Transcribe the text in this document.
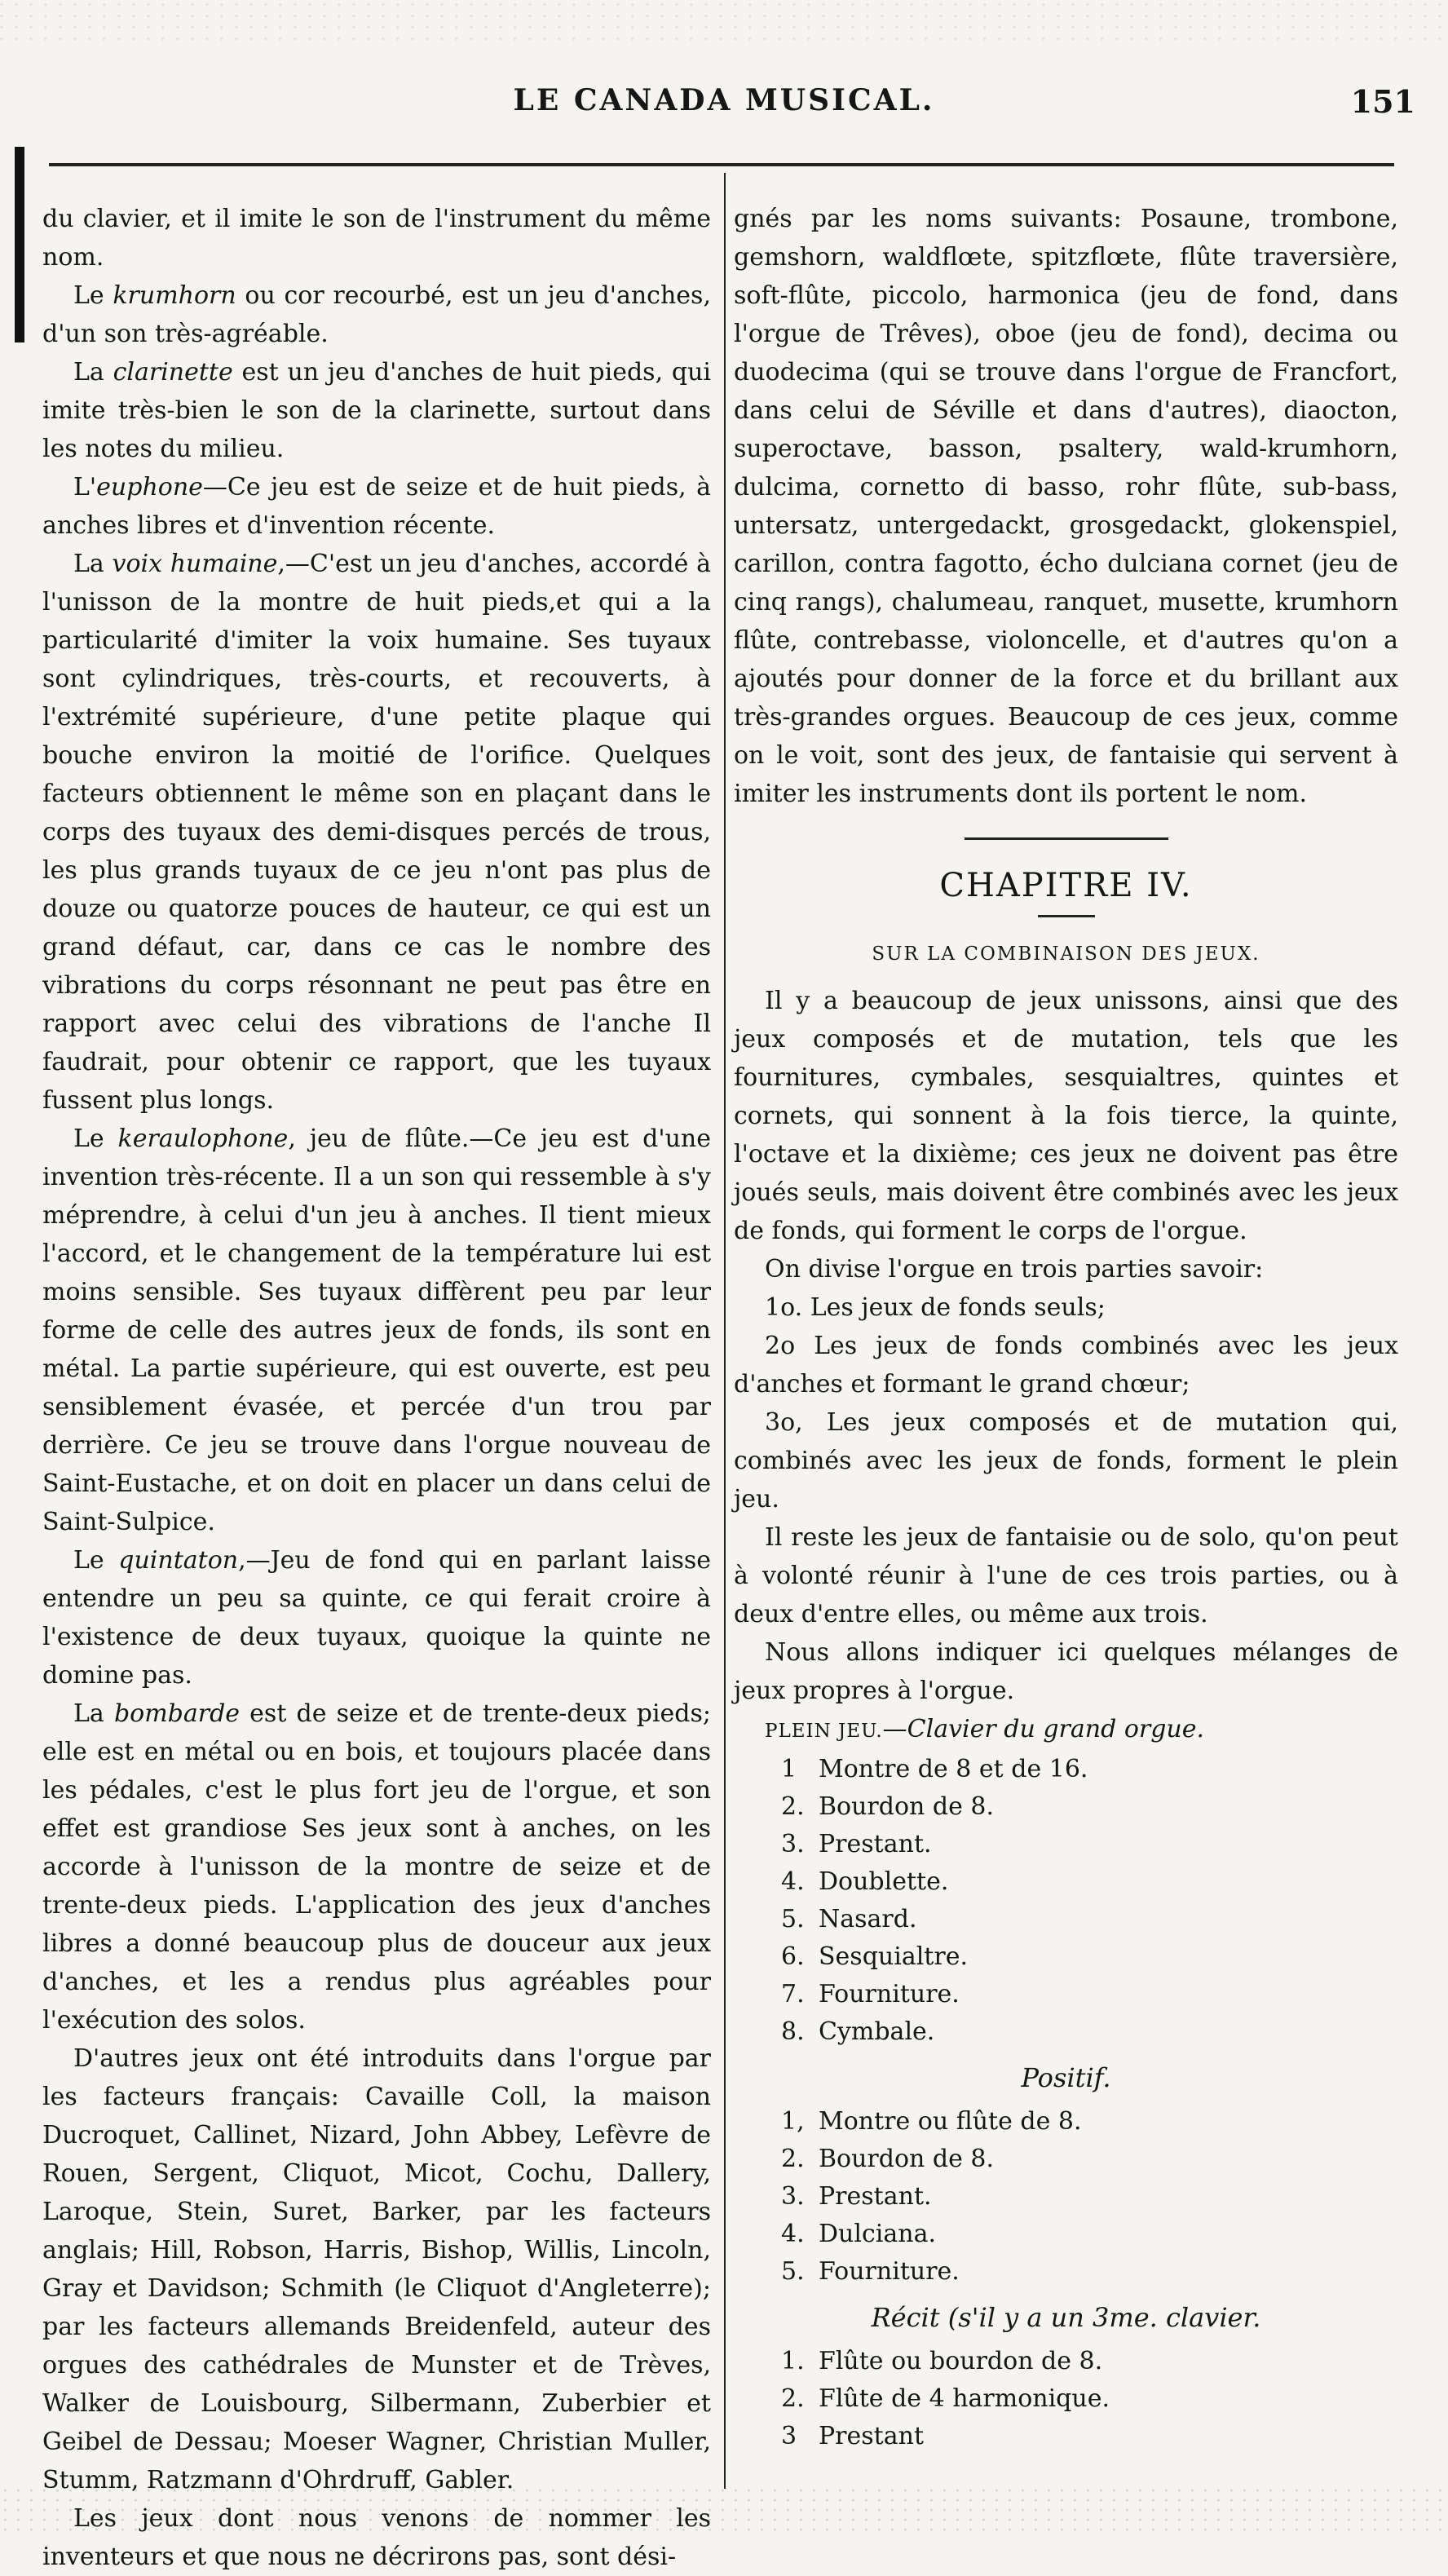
LE CANADA MUSICAL.	151

du clavier, et il imite le son de l'instrument du même nom.

Le krumhorn ou cor recourbé, est un jeu d'anches, d'un son très-agréable.

La clarinette est un jeu d'anches de huit pieds, qui imite très-bien le son de la clarinette, surtout dans les notes du milieu.

L'euphone—Ce jeu est de seize et de huit pieds, à anches libres et d'invention récente.

La voix humaine,—C'est un jeu d'anches, accordé à l'unisson de la montre de huit pieds,et qui a la particularité d'imiter la voix humaine. Ses tuyaux sont cylindriques, très-courts, et recouverts, à l'extrémité supérieure, d'une petite plaque qui bouche environ la moitié de l'orifice. Quelques facteurs obtiennent le même son en plaçant dans le corps des tuyaux des demi-disques percés de trous, les plus grands tuyaux de ce jeu n'ont pas plus de douze ou quatorze pouces de hauteur, ce qui est un grand défaut, car, dans ce cas le nombre des vibrations du corps résonnant ne peut pas être en rapport avec celui des vibrations de l'anche Il faudrait, pour obtenir ce rapport, que les tuyaux fussent plus longs.

Le keraulophone, jeu de flûte.—Ce jeu est d'une invention très-récente. Il a un son qui ressemble à s'y méprendre, à celui d'un jeu à anches. Il tient mieux l'accord, et le changement de la température lui est moins sensible. Ses tuyaux diffèrent peu par leur forme de celle des autres jeux de fonds, ils sont en métal. La partie supérieure, qui est ouverte, est peu sensiblement évasée, et percée d'un trou par derrière. Ce jeu se trouve dans l'orgue nouveau de Saint-Eustache, et on doit en placer un dans celui de Saint-Sulpice.

Le quintaton,—Jeu de fond qui en parlant laisse entendre un peu sa quinte, ce qui ferait croire à l'existence de deux tuyaux, quoique la quinte ne domine pas.

La bombarde est de seize et de trente-deux pieds; elle est en métal ou en bois, et toujours placée dans les pédales, c'est le plus fort jeu de l'orgue, et son effet est grandiose Ses jeux sont à anches, on les accorde à l'unisson de la montre de seize et de trente-deux pieds. L'application des jeux d'anches libres a donné beaucoup plus de douceur aux jeux d'anches, et les a rendus plus agréables pour l'exécution des solos.

D'autres jeux ont été introduits dans l'orgue par les facteurs français: Cavaille Coll, la maison Ducroquet, Callinet, Nizard, John Abbey, Lefèvre de Rouen, Sergent, Cliquot, Micot, Cochu, Dallery, Laroque, Stein, Suret, Barker, par les facteurs anglais; Hill, Robson, Harris, Bishop, Willis, Lincoln, Gray et Davidson; Schmith (le Cliquot d'Angleterre); par les facteurs allemands Breidenfeld, auteur des orgues des cathédrales de Munster et de Trèves, Walker de Louisbourg, Silbermann, Zuberbier et Geibel de Dessau; Moeser Wagner, Christian Muller, Stumm, Ratzmann d'Ohrdruff, Gabler.

Les jeux dont nous venons de nommer les inventeurs et que nous ne décrirons pas, sont dési-

gnés par les noms suivants: Posaune, trombone, gemshorn, waldflœte, spitzflœte, flûte traversière, soft-flûte, piccolo, harmonica (jeu de fond, dans l'orgue de Trêves), oboe (jeu de fond), decima ou duodecima (qui se trouve dans l'orgue de Francfort, dans celui de Séville et dans d'autres), diaocton, superoctave, basson, psaltery, wald-krumhorn, dulcima, cornetto di basso, rohr flûte, sub-bass, untersatz, untergedackt, grosgedackt, glokenspiel, carillon, contra fagotto, écho dulciana cornet (jeu de cinq rangs), chalumeau, ranquet, musette, krumhorn flûte, contrebasse, violoncelle, et d'autres qu'on a ajoutés pour donner de la force et du brillant aux très-grandes orgues. Beaucoup de ces jeux, comme on le voit, sont des jeux, de fantaisie qui servent à imiter les instruments dont ils portent le nom.

CHAPITRE IV.
SUR LA COMBINAISON DES JEUX.

Il y a beaucoup de jeux unissons, ainsi que des jeux composés et de mutation, tels que les fournitures, cymbales, sesquialtres, quintes et cornets, qui sonnent à la fois tierce, la quinte, l'octave et la dixième; ces jeux ne doivent pas être joués seuls, mais doivent être combinés avec les jeux de fonds, qui forment le corps de l'orgue.

On divise l'orgue en trois parties savoir:

1o. Les jeux de fonds seuls;

2o Les jeux de fonds combinés avec les jeux d'anches et formant le grand chœur;

3o, Les jeux composés et de mutation qui, combinés avec les jeux de fonds, forment le plein jeu.

Il reste les jeux de fantaisie ou de solo, qu'on peut à volonté réunir à l'une de ces trois parties, ou à deux d'entre elles, ou même aux trois.

Nous allons indiquer ici quelques mélanges de jeux propres à l'orgue.

PLEIN JEU.—Clavier du grand orgue.

1 Montre de 8 et de 16.
2. Bourdon de 8.
3. Prestant.
4. Doublette.
5. Nasard.
6. Sesquialtre.
7. Fourniture.
8. Cymbale.
Positif.
1, Montre ou flûte de 8.
2. Bourdon de 8.
3. Prestant.
4. Dulciana.
5. Fourniture.
Récit (s'il y a un 3me. clavier.
1. Flûte ou bourdon de 8.
2. Flûte de 4 harmonique.
3 Prestant
